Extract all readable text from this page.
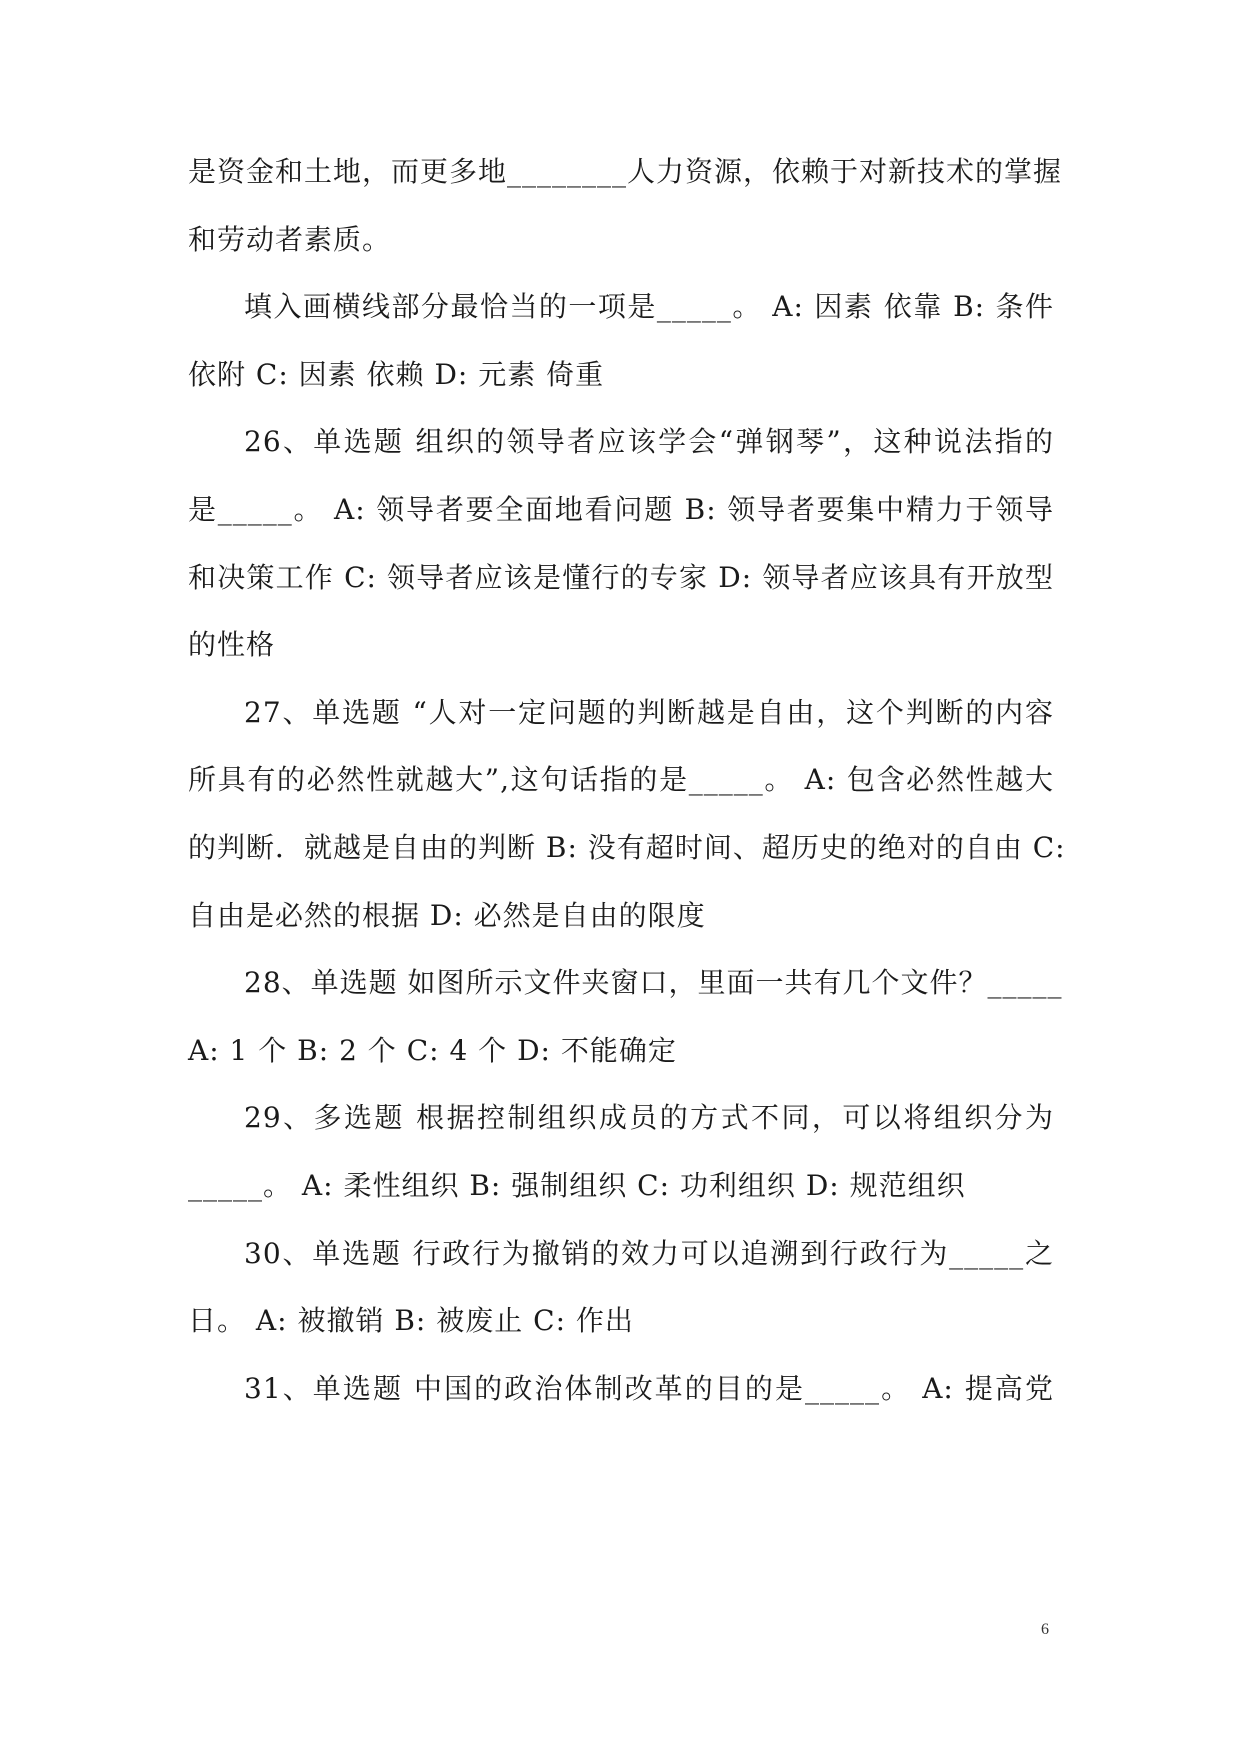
是资金和土地，而更多地________人力资源，依赖于对新技术的掌握
和劳动者素质。
填入画横线部分最恰当的一项是_____。 A: 因素 依靠 B: 条件
依附 C: 因素 依赖 D: 元素 倚重
26、单选题 组织的领导者应该学会“弹钢琴”，这种说法指的
是_____。 A: 领导者要全面地看问题 B: 领导者要集中精力于领导
和决策工作 C: 领导者应该是懂行的专家 D: 领导者应该具有开放型
的性格
27、单选题 “人对一定问题的判断越是自由，这个判断的内容
所具有的必然性就越大”,这句话指的是_____。 A: 包含必然性越大
的判断．就越是自由的判断 B: 没有超时间、超历史的绝对的自由 C:
自由是必然的根据 D: 必然是自由的限度
28、单选题 如图所示文件夹窗口，里面一共有几个文件？_____
A: 1 个 B: 2 个 C: 4 个 D: 不能确定
29、多选题 根据控制组织成员的方式不同，可以将组织分为
_____。 A: 柔性组织 B: 强制组织 C: 功利组织 D: 规范组织
30、单选题 行政行为撤销的效力可以追溯到行政行为_____之
日。 A: 被撤销 B: 被废止 C: 作出
31、单选题 中国的政治体制改革的目的是_____。 A: 提高党
6
